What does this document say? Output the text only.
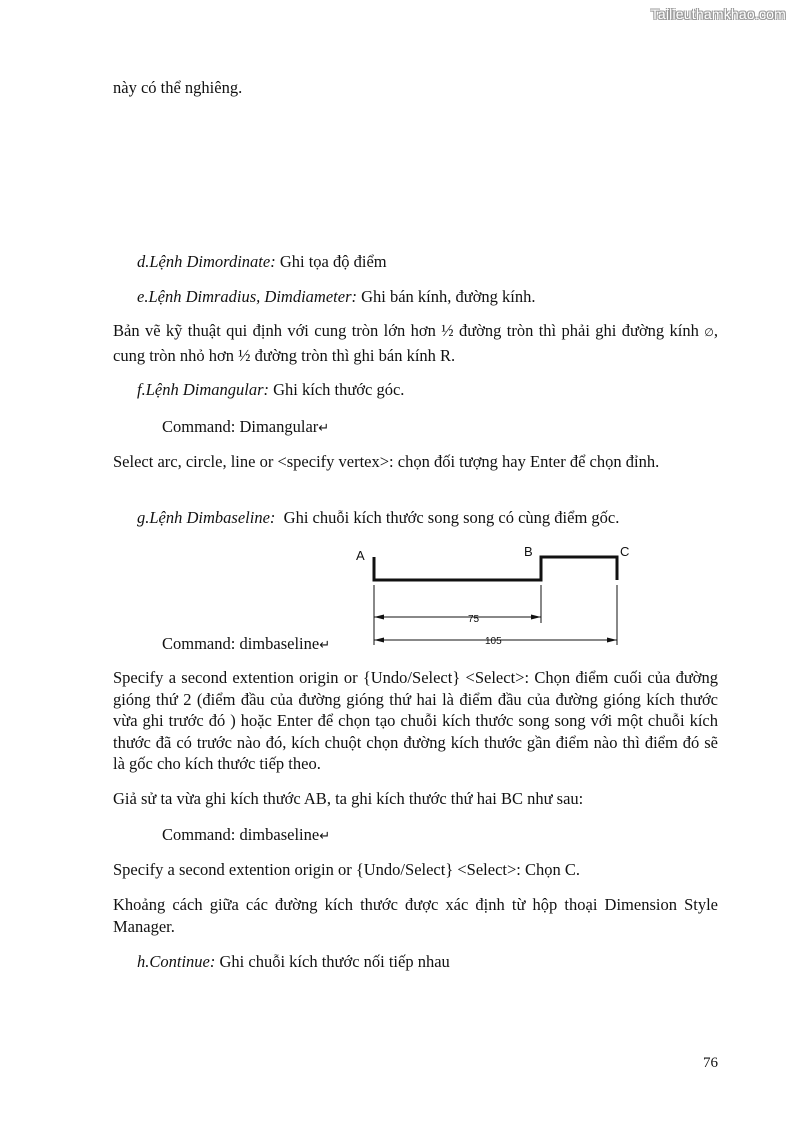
Tailieuthamkhao.com
này có thể nghiêng.
d.Lệnh Dimordinate: Ghi tọa độ điểm
e.Lệnh Dimradius, Dimdiameter: Ghi bán kính, đường kính.
Bản vẽ kỹ thuật qui định với cung tròn lớn hơn ½ đường tròn thì phải ghi đường kính ∅, cung tròn nhỏ hơn ½ đường tròn thì ghi bán kính R.
f.Lệnh Dimangular: Ghi kích thước góc.
Command: Dimangular↵
Select arc, circle, line or <specify vertex>: chọn đối tượng hay Enter để chọn đỉnh.
g.Lệnh Dimbaseline:  Ghi chuỗi kích thước song song có cùng điểm gốc.
A	B	C
75
105
Command: dimbaseline↵
Specify a second extention origin or {Undo/Select} <Select>: Chọn điểm cuối của đường gióng thứ 2 (điểm đầu của đường gióng thứ hai là điểm đầu của đường gióng kích thước vừa ghi trước đó ) hoặc Enter để chọn tạo chuỗi kích thước song song với một chuỗi kích thước đã có trước nào đó, kích chuột chọn đường kích thước gần điểm nào thì điểm đó sẽ là gốc cho kích thước tiếp theo.
Giả sử ta vừa ghi kích thước AB, ta ghi kích thước thứ hai BC như sau:
Command: dimbaseline↵
Specify a second extention origin or {Undo/Select} <Select>: Chọn C.
Khoảng cách giữa các đường kích thước được xác định từ hộp thoại Dimension Style Manager.
h.Continue: Ghi chuỗi kích thước nối tiếp nhau
76
